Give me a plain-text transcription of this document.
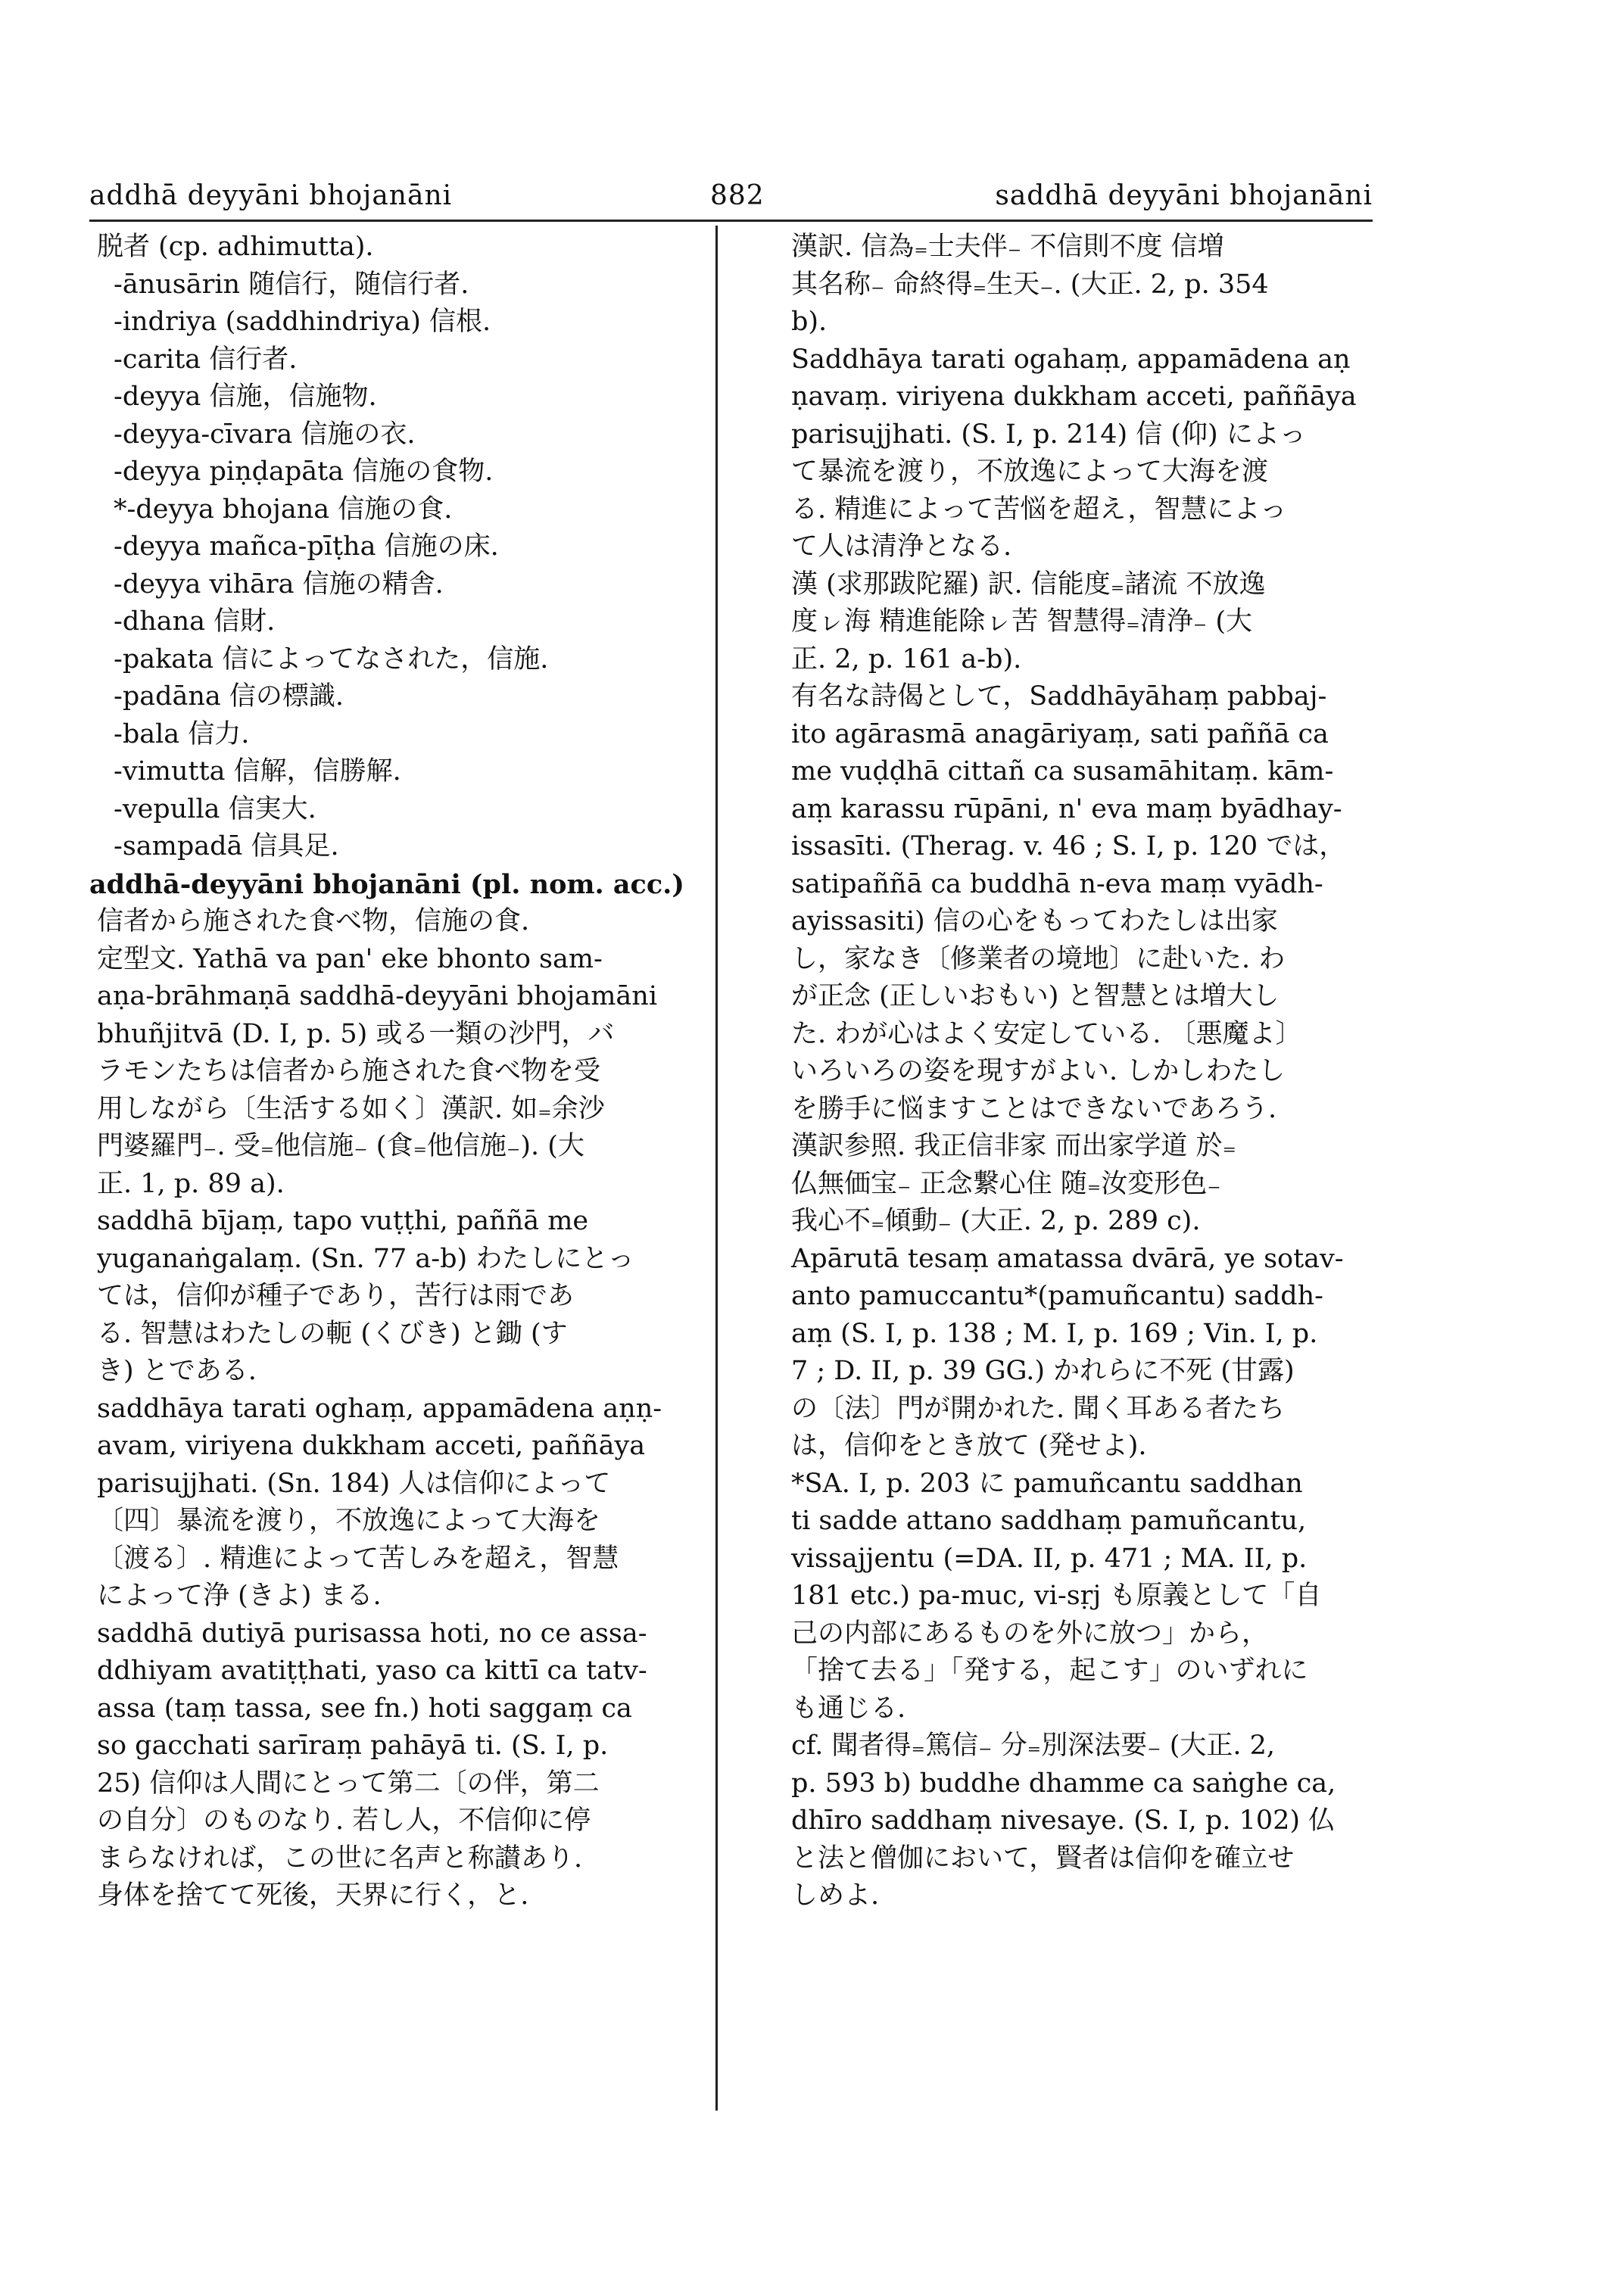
addhā deyyāni bhojanāni	882	saddhā deyyāni bhojanāni
脱者 (cp. adhimutta).
-ānusārin 随信行，随信行者.
-indriya (saddhindriya) 信根.
-carita 信行者.
-deyya 信施，信施物.
-deyya-cīvara 信施の衣.
-deyya piṇḍapāta 信施の食物.
*-deyya bhojana 信施の食.
-deyya mañca-pīṭha 信施の床.
-deyya vihāra 信施の精舎.
-dhana 信財.
-pakata 信によってなされた，信施.
-padāna 信の標識.
-bala 信力.
-vimutta 信解，信勝解.
-vepulla 信実大.
-sampadā 信具足.
addhā-deyyāni bhojanāni (pl. nom. acc.)
信者から施された食べ物，信施の食.
定型文. Yathā va pan' eke bhonto sam-
aṇa-brāhmaṇā saddhā-deyyāni bhojamāni
bhuñjitvā (D. I, p. 5) 或る一類の沙門，バ
ラモンたちは信者から施された食べ物を受
用しながら〔生活する如く〕漢訳. 如₌余沙
門婆羅門₋. 受₌他信施₋ (食₌他信施₋). (大
正. 1, p. 89 a).
saddhā bījaṃ, tapo vuṭṭhi, paññā me
yuganaṅgalaṃ. (Sn. 77 a-b) わたしにとっ
ては，信仰が種子であり，苦行は雨であ
る. 智慧はわたしの軛 (くびき) と鋤 (す
き) とである.
saddhāya tarati oghaṃ, appamādena aṇṇ-
avam, viriyena dukkham acceti, paññāya
parisujjhati. (Sn. 184) 人は信仰によって
〔四〕暴流を渡り，不放逸によって大海を
〔渡る〕. 精進によって苦しみを超え，智慧
によって浄 (きよ) まる.
saddhā dutiyā purisassa hoti, no ce assa-
ddhiyam avatiṭṭhati, yaso ca kittī ca tatv-
assa (taṃ tassa, see fn.) hoti saggaṃ ca
so gacchati sarīraṃ pahāyā ti. (S. I, p.
25) 信仰は人間にとって第二〔の伴，第二
の自分〕のものなり. 若し人，不信仰に停
まらなければ，この世に名声と称讃あり.
身体を捨てて死後，天界に行く，と.
漢訳. 信為₌士夫伴₋ 不信則不度 信増
其名称₋ 命終得₌生天₋. (大正. 2, p. 354
b).
Saddhāya tarati ogahaṃ, appamādena aṇ
ṇavaṃ. viriyena dukkham acceti, paññāya
parisujjhati. (S. I, p. 214) 信 (仰) によっ
て暴流を渡り，不放逸によって大海を渡
る. 精進によって苦悩を超え，智慧によっ
て人は清浄となる.
漢 (求那跋陀羅) 訳. 信能度₌諸流 不放逸
度ㇾ海 精進能除ㇾ苦 智慧得₌清浄₋ (大
正. 2, p. 161 a-b).
有名な詩偈として，Saddhāyāhaṃ pabbaj-
ito agārasmā anagāriyaṃ, sati paññā ca
me vuḍḍhā cittañ ca susamāhitaṃ. kām-
aṃ karassu rūpāni, n' eva maṃ byādhay-
issasīti. (Therag. v. 46 ; S. I, p. 120 では，
satipaññā ca buddhā n-eva maṃ vyādh-
ayissasiti) 信の心をもってわたしは出家
し，家なき〔修業者の境地〕に赴いた. わ
が正念 (正しいおもい) と智慧とは増大し
た. わが心はよく安定している. 〔悪魔よ〕
いろいろの姿を現すがよい. しかしわたし
を勝手に悩ますことはできないであろう.
漢訳参照. 我正信非家 而出家学道 於₌
仏無価宝₋ 正念繋心住 随₌汝変形色₋
我心不₌傾動₋ (大正. 2, p. 289 c).
Apārutā tesaṃ amatassa dvārā, ye sotav-
anto pamuccantu*(pamuñcantu) saddh-
aṃ (S. I, p. 138 ; M. I, p. 169 ; Vin. I, p.
7 ; D. II, p. 39 GG.) かれらに不死 (甘露)
の〔法〕門が開かれた. 聞く耳ある者たち
は，信仰をとき放て (発せよ).
*SA. I, p. 203 に pamuñcantu saddhan
ti sadde attano saddhaṃ pamuñcantu,
vissajjentu (=DA. II, p. 471 ; MA. II, p.
181 etc.) pa-muc, vi-sṛj も原義として「自
己の内部にあるものを外に放つ」から，
「捨て去る」「発する，起こす」のいずれに
も通じる.
cf. 聞者得₌篤信₋ 分₌別深法要₋ (大正. 2,
p. 593 b) buddhe dhamme ca saṅghe ca,
dhīro saddhaṃ nivesaye. (S. I, p. 102) 仏
と法と僧伽において，賢者は信仰を確立せ
しめよ.
